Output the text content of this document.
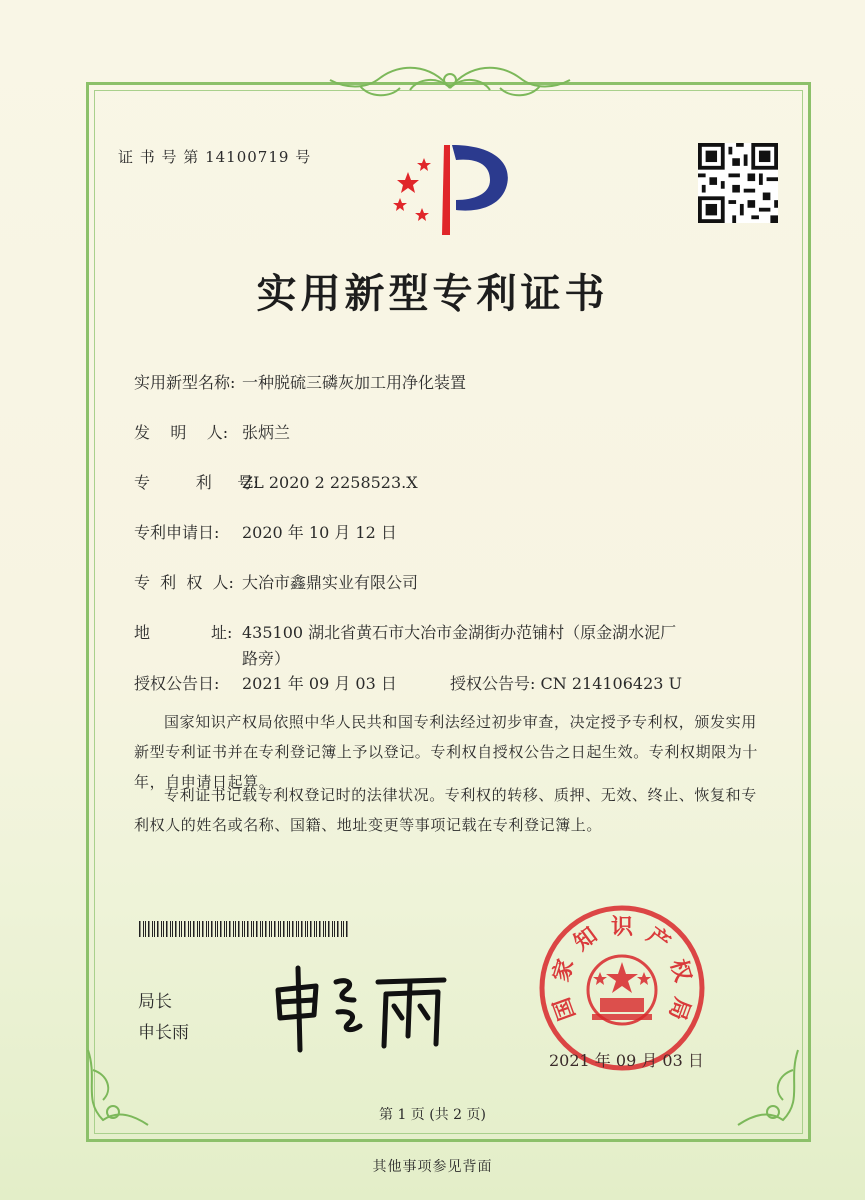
证 书 号 第 14100719 号
实用新型专利证书
实用新型名称: 一种脱硫三磷灰加工用净化装置
发    明    人: 张炳兰
专         利     号:ZL 2020 2 2258523.X
专利申请日: 2020 年 10 月 12 日
专  利  权  人: 大冶市鑫鼎实业有限公司
地            址: 435100 湖北省黄石市大冶市金湖街办范铺村（原金湖水泥厂路旁）
授权公告日: 2021 年 09 月 03 日	授权公告号: CN 214106423 U
国家知识产权局依照中华人民共和国专利法经过初步审查，决定授予专利权，颁发实用新型专利证书并在专利登记簿上予以登记。专利权自授权公告之日起生效。专利权期限为十年，自申请日起算。
专利证书记载专利权登记时的法律状况。专利权的转移、质押、无效、终止、恢复和专利权人的姓名或名称、国籍、地址变更等事项记载在专利登记簿上。
局长
申长雨
国
家
知 识 产
权
局
2021 年 09 月 03 日
第 1 页 (共 2 页)
其他事项参见背面
